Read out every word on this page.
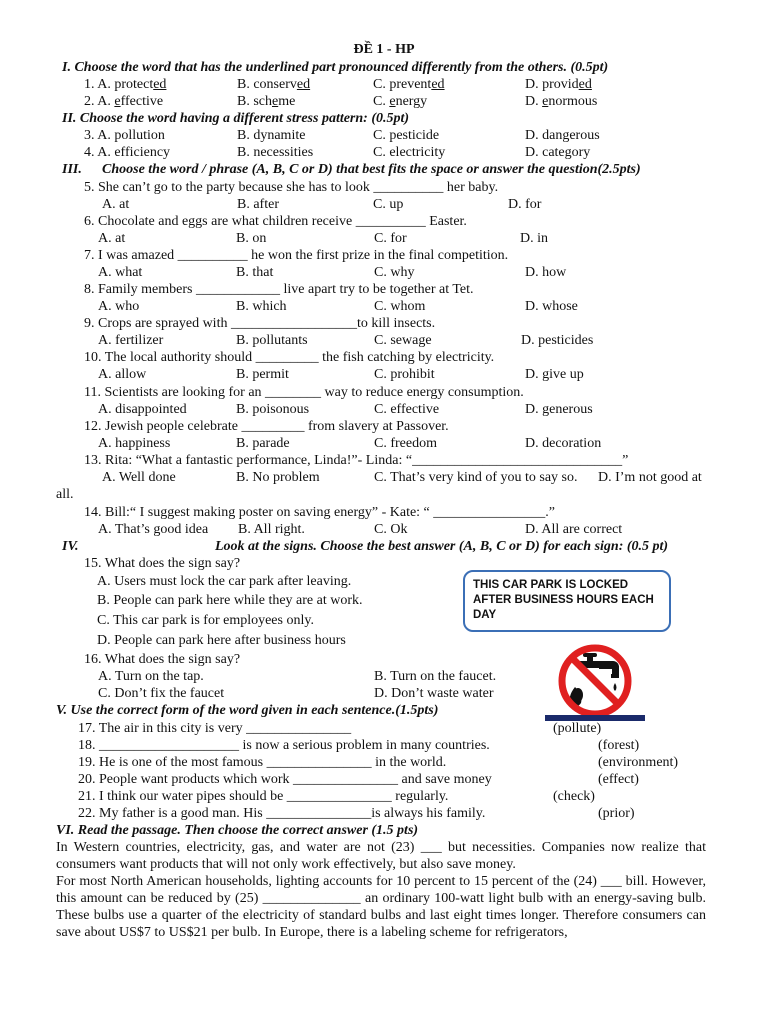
ĐỀ 1 - HP
I. Choose the word that has the underlined part pronounced differently from the others. (0.5pt)
1. A. protected	B. conserved	C. prevented	D. provided
2. A. effective	B. scheme	C. energy	D. enormous
II. Choose the word having a different stress pattern: (0.5pt)
3. A. pollution	B. dynamite	C. pesticide	D. dangerous
4. A. efficiency	B. necessities	C. electricity	D. category
III. Choose the word / phrase (A, B, C or D) that best fits the space or answer the question(2.5pts)
5. She can’t go to the party because she has to look __________ her baby.
A. at	B. after	C. up	D. for
6. Chocolate and eggs are what children receive __________ Easter.
A. at	B. on	C. for	D. in
7. I was amazed __________ he won the first prize in the final competition.
A. what	B. that	C. why	D. how
8. Family members ____________ live apart try to be together at Tet.
A. who	B. which	C. whom	D. whose
9. Crops are sprayed with __________________to kill insects.
A. fertilizer	B. pollutants	C. sewage	D. pesticides
10. The local authority should _________ the fish catching by electricity.
A. allow	B. permit	C. prohibit	D. give up
11. Scientists are looking for an ________ way to reduce energy consumption.
A. disappointed	B. poisonous	C. effective	D. generous
12. Jewish people celebrate _________ from slavery at Passover.
A. happiness	B. parade	C. freedom	D. decoration
13. Rita: “What a fantastic performance, Linda!”- Linda: “______________________________”
A. Well done	B. No problem	C. That’s very kind of you to say so. D. I’m not good at
all.
14. Bill:“ I suggest making poster on saving energy” - Kate: “ ________________.”
A. That’s good idea B. All right.	C. Ok	D. All are correct
IV.	Look at the signs. Choose the best answer (A, B, C or D) for each sign: (0.5 pt)
15. What does the sign say?
A. Users must lock the car park after leaving.
B. People can park here while they are at work.
C. This car park is for employees only.
D. People can park here after business hours
THIS CAR PARK IS LOCKED AFTER BUSINESS HOURS EACH DAY
16. What does the sign say?
A. Turn on the tap.	B. Turn on the faucet.
C. Don’t fix the faucet	D. Don’t waste water
V. Use the correct form of the word given in each sentence.(1.5pts)
17. The air in this city is very _______________	(pollute)
18. ____________________ is now a serious problem in many countries.	(forest)
19. He is one of the most famous _______________ in the world.	(environment)
20. People want products which work _______________ and save money	(effect)
21. I think our water pipes should be _______________ regularly.	(check)
22. My father is a good man. His _______________is always his family.	(prior)
VI. Read the passage. Then choose the correct answer (1.5 pts)
In Western countries, electricity, gas, and water are not (23) ___ but necessities. Companies now realize that consumers want products that will not only work effectively, but also save money.
For most North American households, lighting accounts for 10 percent to 15 percent of the (24) ___ bill. However, this amount can be reduced by (25) ______________ an ordinary 100-watt light bulb with an energy-saving bulb. These bulbs use a quarter of the electricity of standard bulbs and last eight times longer. Therefore consumers can save about US$7 to US$21 per bulb. In Europe, there is a labeling scheme for refrigerators,
